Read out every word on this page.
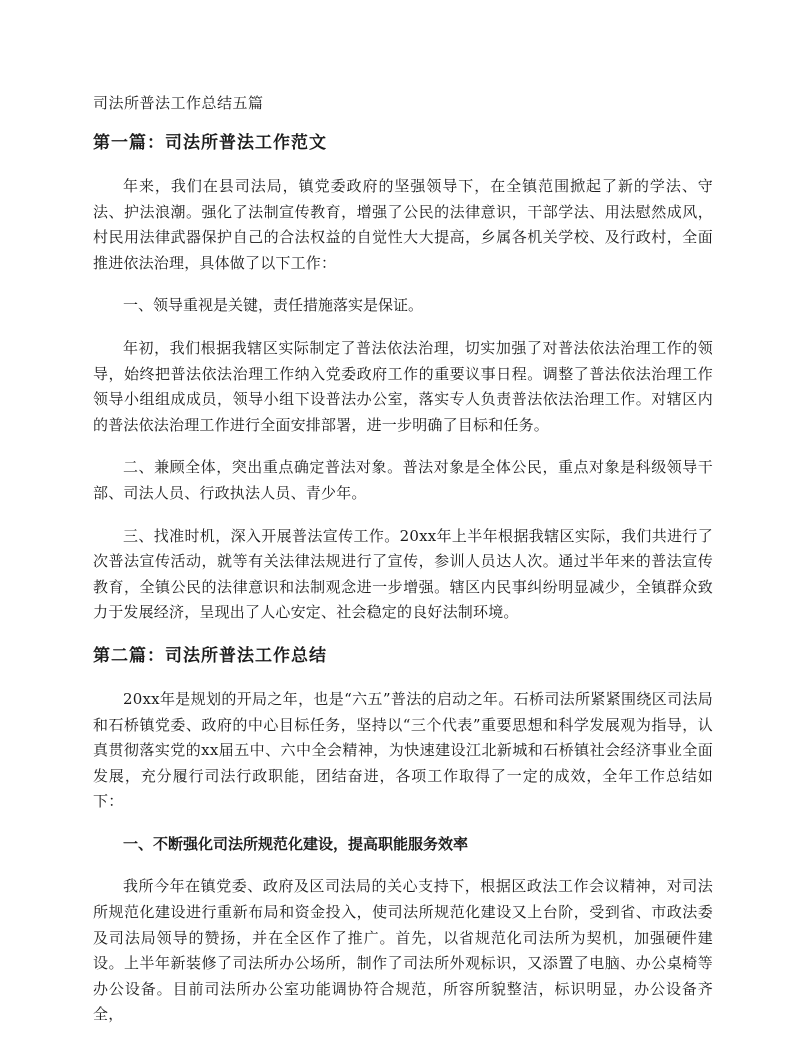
司法所普法工作总结五篇
第一篇：司法所普法工作范文

年来，我们在县司法局，镇党委政府的坚强领导下，在全镇范围掀起了新的学法、守法、护法浪潮。强化了法制宣传教育，增强了公民的法律意识，干部学法、用法慰然成风，村民用法律武器保护自己的合法权益的自觉性大大提高，乡属各机关学校、及行政村，全面推进依法治理，具体做了以下工作：

一、领导重视是关键，责任措施落实是保证。

年初，我们根据我辖区实际制定了普法依法治理，切实加强了对普法依法治理工作的领导，始终把普法依法治理工作纳入党委政府工作的重要议事日程。调整了普法依法治理工作领导小组组成成员，领导小组下设普法办公室，落实专人负责普法依法治理工作。对辖区内的普法依法治理工作进行全面安排部署，进一步明确了目标和任务。

二、兼顾全体，突出重点确定普法对象。普法对象是全体公民，重点对象是科级领导干部、司法人员、行政执法人员、青少年。

三、找准时机，深入开展普法宣传工作。20xx年上半年根据我辖区实际，我们共进行了次普法宣传活动，就等有关法律法规进行了宣传，参训人员达人次。通过半年来的普法宣传教育，全镇公民的法律意识和法制观念进一步增强。辖区内民事纠纷明显减少，全镇群众致力于发展经济，呈现出了人心安定、社会稳定的良好法制环境。

第二篇：司法所普法工作总结

20xx年是规划的开局之年，也是“六五”普法的启动之年。石桥司法所紧紧围绕区司法局和石桥镇党委、政府的中心目标任务，坚持以“三个代表”重要思想和科学发展观为指导，认真贯彻落实党的xx届五中、六中全会精神，为快速建设江北新城和石桥镇社会经济事业全面发展，充分履行司法行政职能，团结奋进，各项工作取得了一定的成效，全年工作总结如下：

一、不断强化司法所规范化建设，提高职能服务效率

我所今年在镇党委、政府及区司法局的关心支持下，根据区政法工作会议精神，对司法所规范化建设进行重新布局和资金投入，使司法所规范化建设又上台阶，受到省、市政法委及司法局领导的赞扬，并在全区作了推广。首先，以省规范化司法所为契机，加强硬件建设。上半年新装修了司法所办公场所，制作了司法所外观标识，又添置了电脑、办公桌椅等办公设备。目前司法所办公室功能调协符合规范，所容所貌整洁，标识明显，办公设备齐全，
